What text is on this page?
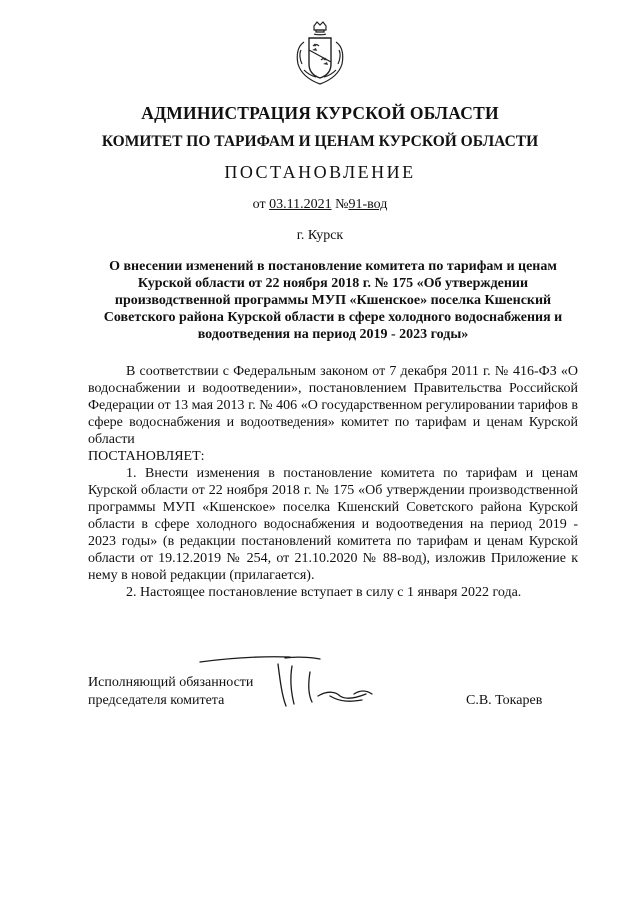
АДМИНИСТРАЦИЯ КУРСКОЙ ОБЛАСТИ
КОМИТЕТ ПО ТАРИФАМ И ЦЕНАМ КУРСКОЙ ОБЛАСТИ
ПОСТАНОВЛЕНИЕ
от 03.11.2021 №91-вод
г. Курск
О внесении изменений в постановление комитета по тарифам и ценам Курской области от 22 ноября 2018 г. № 175 «Об утверждении производственной программы МУП «Кшенское» поселка Кшенский Советского района Курской области в сфере холодного водоснабжения и водоотведения на период 2019 - 2023 годы»

В соответствии с Федеральным законом от 7 декабря 2011 г. № 416-ФЗ «О водоснабжении и водоотведении», постановлением Правительства Российской Федерации от 13 мая 2013 г. № 406 «О государственном регулировании тарифов в сфере водоснабжения и водоотведения» комитет по тарифам и ценам Курской области

ПОСТАНОВЛЯЕТ:

1. Внести изменения в постановление комитета по тарифам и ценам Курской области от 22 ноября 2018 г. № 175 «Об утверждении производственной программы МУП «Кшенское» поселка Кшенский Советского района Курской области в сфере холодного водоснабжения и водоотведения на период 2019 - 2023 годы» (в редакции постановлений комитета по тарифам и ценам Курской области от 19.12.2019 № 254, от 21.10.2020 № 88-вод), изложив Приложение к нему в новой редакции (прилагается).

2. Настоящее постановление вступает в силу с 1 января 2022 года.

Исполняющий обязанности
председателя комитета	С.В. Токарев
